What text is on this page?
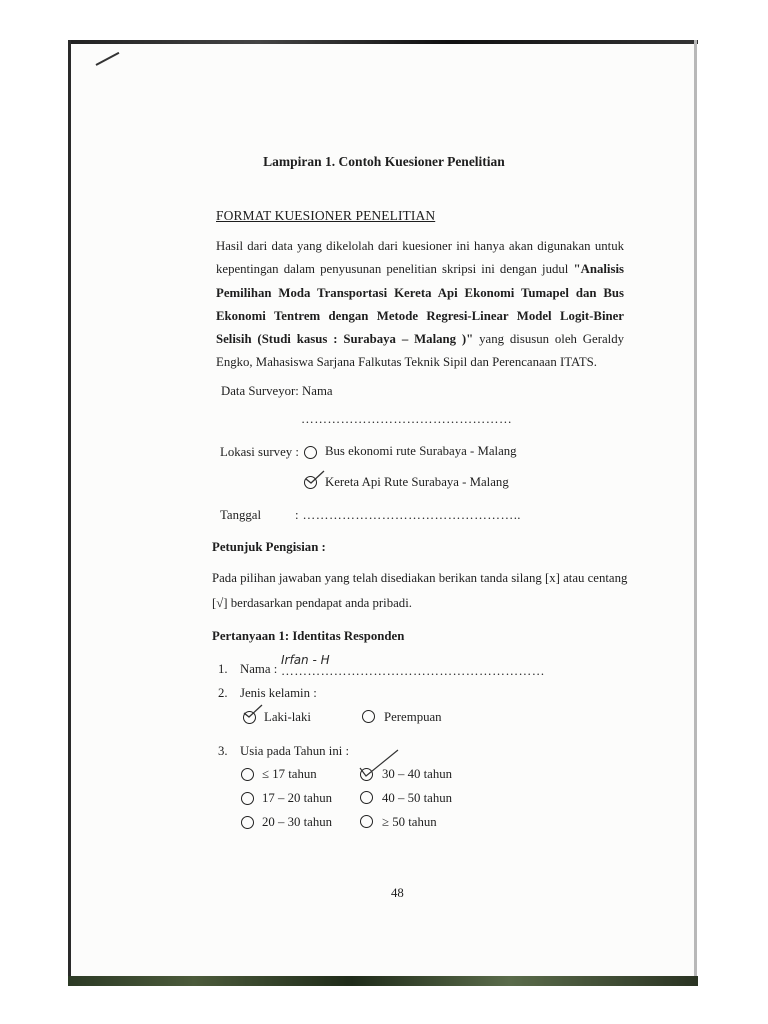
Lampiran 1. Contoh Kuesioner Penelitian
FORMAT KUESIONER PENELITIAN

Hasil dari data yang dikelolah dari kuesioner ini hanya akan digunakan untuk kepentingan dalam penyusunan penelitian skripsi ini dengan judul "Analisis Pemilihan Moda Transportasi Kereta Api Ekonomi Tumapel dan Bus Ekonomi Tentrem dengan Metode Regresi-Linear Model Logit-Biner Selisih (Studi kasus : Surabaya – Malang )" yang disusun oleh Geraldy Engko, Mahasiswa Sarjana Falkutas Teknik Sipil dan Perencanaan ITATS.

Data Surveyor: Nama
…………………………………………
Lokasi survey : Bus ekonomi rute Surabaya - Malang
Kereta Api Rute Surabaya - Malang
Tanggal	: …………………………………………..
Petunjuk Pengisian :
Pada pilihan jawaban yang telah disediakan berikan tanda silang [x] atau centang
[√] berdasarkan pendapat anda pribadi.
Pertanyaan 1: Identitas Responden
1. Nama :
Irfan - H
……………………………………………………
2. Jenis kelamin :
Laki-laki	Perempuan
3. Usia pada Tahun ini :
≤ 17 tahun	30 – 40 tahun
17 – 20 tahun	40 – 50 tahun
20 – 30 tahun	≥ 50 tahun
48
